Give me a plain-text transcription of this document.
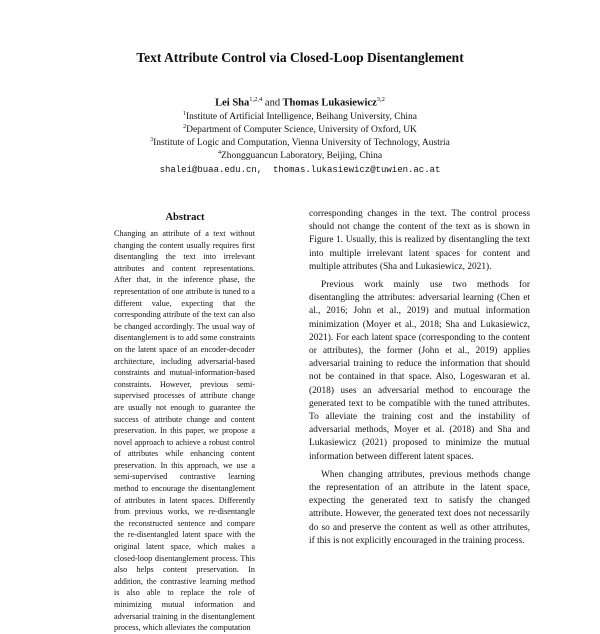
Text Attribute Control via Closed-Loop Disentanglement
Lei Sha$^{1,2,4}$ and Thomas Lukasiewicz$^{3,2}$
$^1$Institute of Artificial Intelligence, Beihang University, China
$^2$Department of Computer Science, University of Oxford, UK
$^3$Institute of Logic and Computation, Vienna University of Technology, Austria
$^4$Zhongguancun Laboratory, Beijing, China
shalei@buaa.edu.cn,  thomas.lukasiewicz@tuwien.ac.at
Abstract
Changing an attribute of a text without changing the content usually requires first disentangling the text into irrelevant attributes and content representations. After that, in the inference phase, the representation of one attribute is tuned to a different value, expecting that the corresponding attribute of the text can also be changed accordingly. The usual way of disentanglement is to add some constraints on the latent space of an encoder-decoder architecture, including adversarial-based constraints and mutual-information-based constraints. However, previous semi-supervised processes of attribute change are usually not enough to guarantee the success of attribute change and content preservation. In this paper, we propose a novel approach to achieve a robust control of attributes while enhancing content preservation. In this approach, we use a semi-supervised contrastive learning method to encourage the disentanglement of attributes in latent spaces. Differently from previous works, we re-disentangle the reconstructed sentence and compare the re-disentangled latent space with the original latent space, which makes a closed-loop disentanglement process. This also helps content preservation. In addition, the contrastive learning method is also able to replace the role of minimizing mutual information and adversarial training in the disentanglement process, which alleviates the computation

corresponding changes in the text. The control process should not change the content of the text as is shown in Figure 1. Usually, this is realized by disentangling the text into multiple irrelevant latent spaces for content and multiple attributes (Sha and Lukasiewicz, 2021).

Previous work mainly use two methods for disentangling the attributes: adversarial learning (Chen et al., 2016; John et al., 2019) and mutual information minimization (Moyer et al., 2018; Sha and Lukasiewicz, 2021). For each latent space (corresponding to the content or attributes), the former (John et al., 2019) applies adversarial training to reduce the information that should not be contained in that space. Also, Logeswaran et al. (2018) uses an adversarial method to encourage the generated text to be compatible with the tuned attributes. To alleviate the training cost and the instability of adversarial methods, Moyer et al. (2018) and Sha and Lukasiewicz (2021) proposed to minimize the mutual information between different latent spaces.

When changing attributes, previous methods change the representation of an attribute in the latent space, expecting the generated text to satisfy the changed attribute. However, the generated text does not necessarily do so and preserve the content as well as other attributes, if this is not explicitly encouraged in the training process.
